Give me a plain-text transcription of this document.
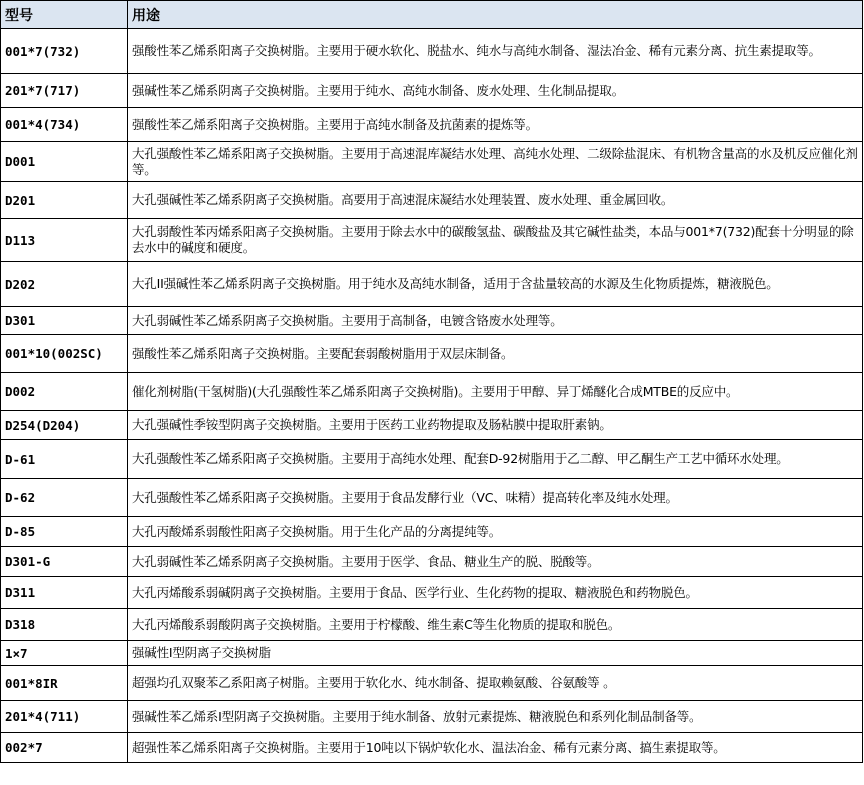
型号	用途
001*7(732)	强酸性苯乙烯系阳离子交换树脂。主要用于硬水软化、脱盐水、纯水与高纯水制备、湿法冶金、稀有元素分离、抗生素提取等。
201*7(717)	强碱性苯乙烯系阴离子交换树脂。主要用于纯水、高纯水制备、废水处理、生化制品提取。
001*4(734)	强酸性苯乙烯系阳离子交换树脂。主要用于高纯水制备及抗菌素的提炼等。
D001	大孔强酸性苯乙烯系阳离子交换树脂。主要用于高速混库凝结水处理、高纯水处理、二级除盐混床、有机物含量高的水及机反应催化剂等。
D201	大孔强碱性苯乙烯系阴离子交换树脂。高要用于高速混床凝结水处理装置、废水处理、重金属回收。
D113	大孔弱酸性苯丙烯系阳离子交换树脂。主要用于除去水中的碳酸氢盐、碳酸盐及其它碱性盐类，本品与001*7(732)配套十分明显的除去水中的碱度和硬度。
D202	大孔II强碱性苯乙烯系阴离子交换树脂。用于纯水及高纯水制备，适用于含盐量较高的水源及生化物质提炼，糖液脱色。
D301	大孔弱碱性苯乙烯系阴离子交换树脂。主要用于高制备，电镀含铬废水处理等。
001*10(002SC)	强酸性苯乙烯系阳离子交换树脂。主要配套弱酸树脂用于双层床制备。
D002	催化剂树脂(干氢树脂)(大孔强酸性苯乙烯系阳离子交换树脂)。主要用于甲醇、异丁烯醚化合成MTBE的反应中。
D254(D204)	大孔强碱性季铵型阴离子交换树脂。主要用于医药工业药物提取及肠粘膜中提取肝素钠。
D-61	大孔强酸性苯乙烯系阳离子交换树脂。主要用于高纯水处理、配套D-92树脂用于乙二醇、甲乙酮生产工艺中循环水处理。
D-62	大孔强酸性苯乙烯系阳离子交换树脂。主要用于食品发酵行业（VC、味精）提高转化率及纯水处理。
D-85	大孔丙酸烯系弱酸性阳离子交换树脂。用于生化产品的分离提纯等。
D301-G	大孔弱碱性苯乙烯系阴离子交换树脂。主要用于医学、食品、糖业生产的脱、脱酸等。
D311	大孔丙烯酸系弱碱阴离子交换树脂。主要用于食品、医学行业、生化药物的提取、糖液脱色和药物脱色。
D318	大孔丙烯酸系弱酸阴离子交换树脂。主要用于柠檬酸、维生素C等生化物质的提取和脱色。
1×7	强碱性I型阴离子交换树脂
001*8IR	超强均孔双聚苯乙系阳离子树脂。主要用于软化水、纯水制备、提取赖氨酸、谷氨酸等 。
201*4(711)	强碱性苯乙烯系I型阴离子交换树脂。主要用于纯水制备、放射元素提炼、糖液脱色和系列化制品制备等。
002*7	超强性苯乙烯系阳离子交换树脂。主要用于10吨以下锅炉软化水、温法冶金、稀有元素分离、搞生素提取等。
